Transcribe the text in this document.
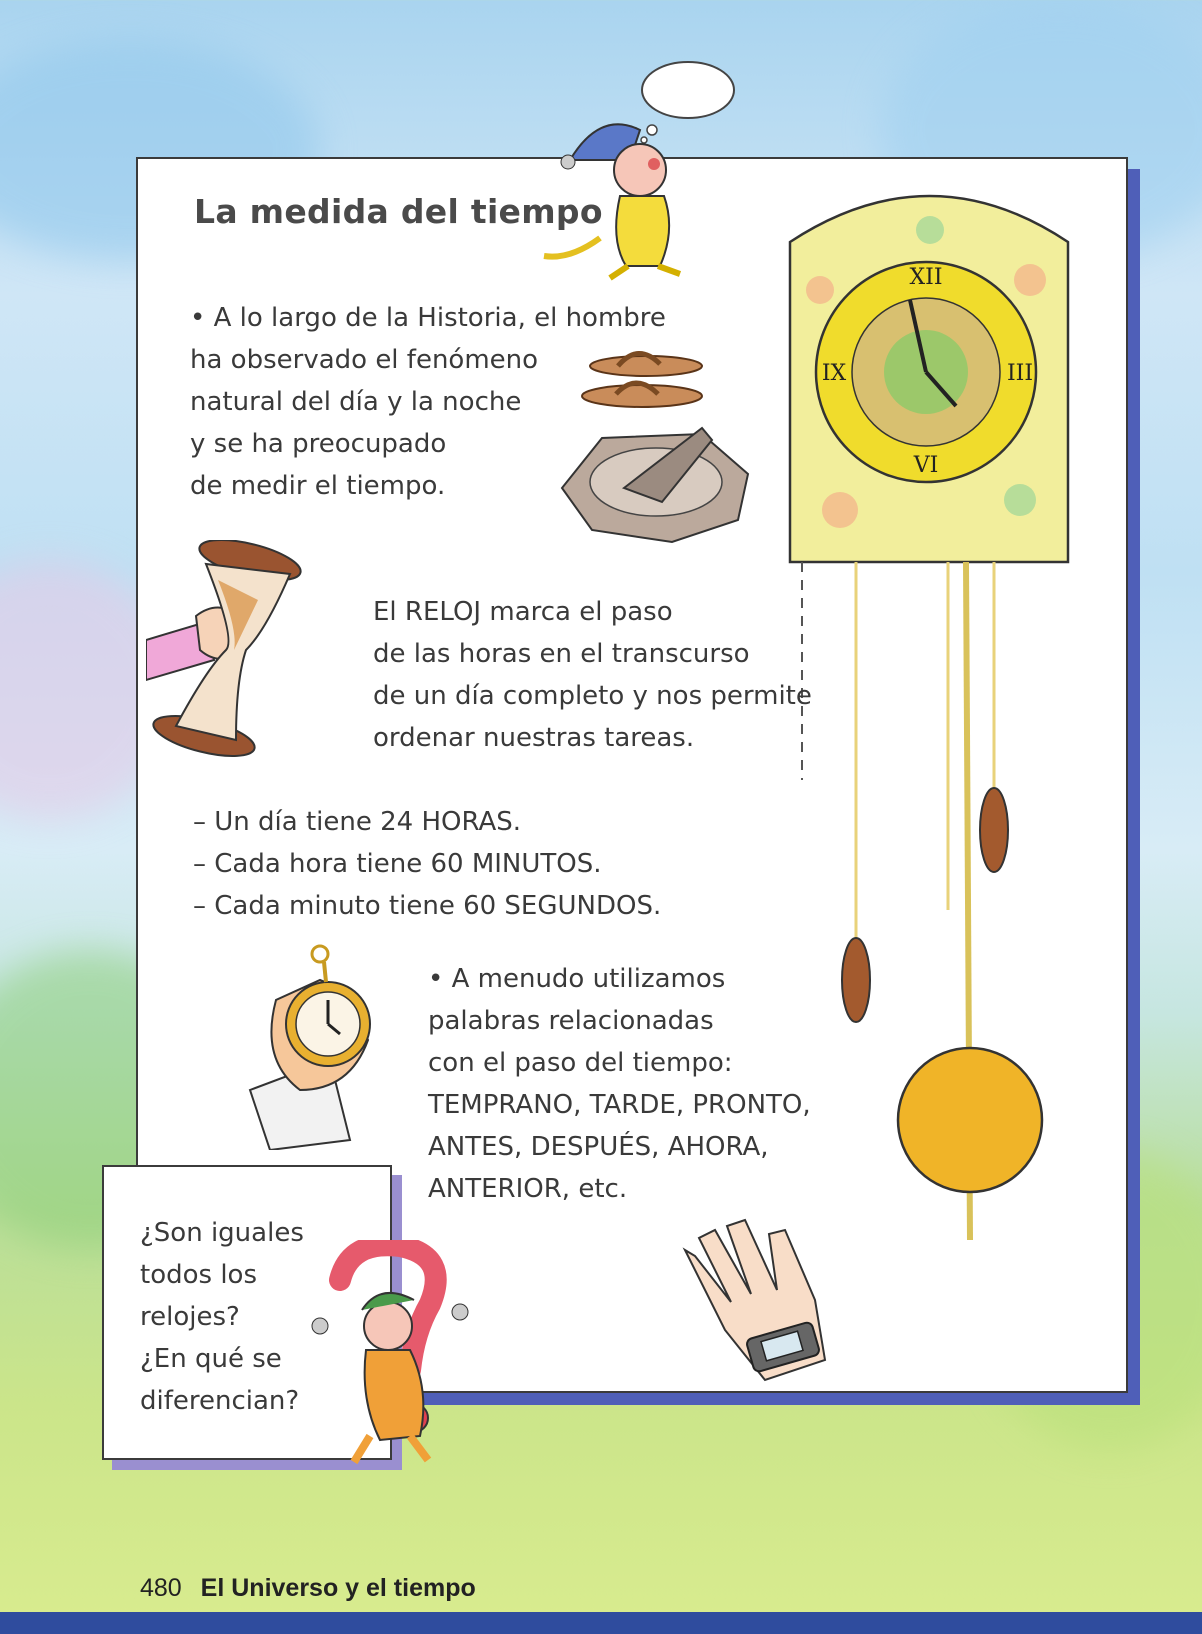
La medida del tiempo

• A lo largo de la Historia, el hombre
ha observado el fenómeno
natural del día y la noche
y se ha preocupado
de medir el tiempo.

XII
III
VI
IX

El RELOJ marca el paso
de las horas en el transcurso
de un día completo y nos permite
ordenar nuestras tareas.

– Un día tiene 24 HORAS.
– Cada hora tiene 60 MINUTOS.
– Cada minuto tiene 60 SEGUNDOS.

• A menudo utilizamos
palabras relacionadas
con el paso del tiempo:
TEMPRANO, TARDE, PRONTO,
ANTES, DESPUÉS, AHORA,
ANTERIOR, etc.

¿Son iguales
todos los
relojes?
¿En qué se
diferencian?

480 El Universo y el tiempo
